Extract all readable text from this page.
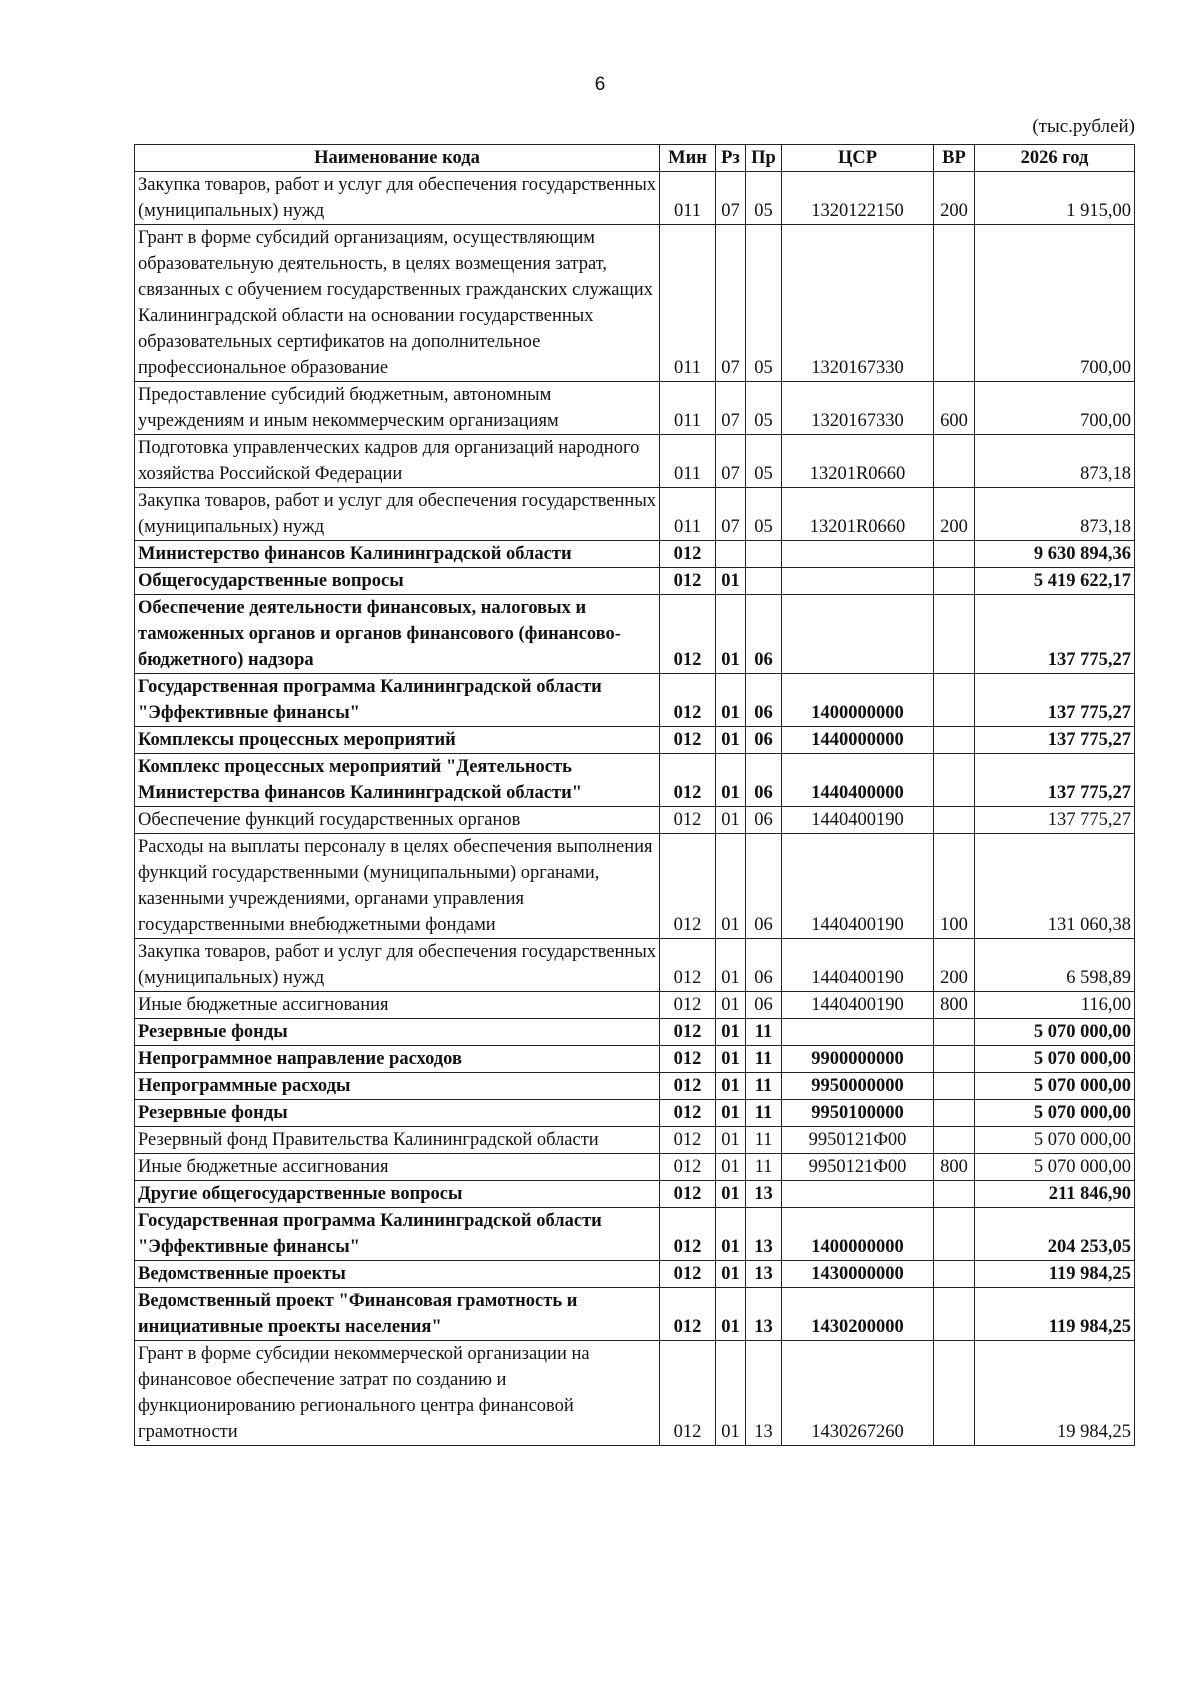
6
(тыс.рублей)
Наименование кода	Мин	Рз	Пр	ЦСР	ВР	2026 год
Закупка товаров, работ и услуг для обеспечения государственных (муниципальных) нужд	011	07	05	1320122150	200	1 915,00
Грант в форме субсидий организациям, осуществляющим образовательную деятельность, в целях возмещения затрат, связанных с обучением государственных гражданских служащих Калининградской области на основании государственных образовательных сертификатов на дополнительное профессиональное образование	011	07	05	1320167330		700,00
Предоставление субсидий бюджетным, автономным учреждениям и иным некоммерческим организациям	011	07	05	1320167330	600	700,00
Подготовка управленческих кадров для организаций народного хозяйства Российской Федерации	011	07	05	13201R0660		873,18
Закупка товаров, работ и услуг для обеспечения государственных (муниципальных) нужд	011	07	05	13201R0660	200	873,18
Министерство финансов Калининградской области	012					9 630 894,36
Общегосударственные вопросы	012	01				5 419 622,17
Обеспечение деятельности финансовых, налоговых и таможенных органов и органов финансового (финансово-бюджетного) надзора	012	01	06			137 775,27
Государственная программа Калининградской области "Эффективные финансы"	012	01	06	1400000000		137 775,27
Комплексы процессных мероприятий	012	01	06	1440000000		137 775,27
Комплекс процессных мероприятий "Деятельность Министерства финансов Калининградской области"	012	01	06	1440400000		137 775,27
Обеспечение функций государственных органов	012	01	06	1440400190		137 775,27
Расходы на выплаты персоналу в целях обеспечения выполнения функций государственными (муниципальными) органами, казенными учреждениями, органами управления государственными внебюджетными фондами	012	01	06	1440400190	100	131 060,38
Закупка товаров, работ и услуг для обеспечения государственных (муниципальных) нужд	012	01	06	1440400190	200	6 598,89
Иные бюджетные ассигнования	012	01	06	1440400190	800	116,00
Резервные фонды	012	01	11			5 070 000,00
Непрограммное направление расходов	012	01	11	9900000000		5 070 000,00
Непрограммные расходы	012	01	11	9950000000		5 070 000,00
Резервные фонды	012	01	11	9950100000		5 070 000,00
Резервный фонд Правительства Калининградской области	012	01	11	9950121Ф00		5 070 000,00
Иные бюджетные ассигнования	012	01	11	9950121Ф00	800	5 070 000,00
Другие общегосударственные вопросы	012	01	13			211 846,90
Государственная программа Калининградской области "Эффективные финансы"	012	01	13	1400000000		204 253,05
Ведомственные проекты	012	01	13	1430000000		119 984,25
Ведомственный проект "Финансовая грамотность и инициативные проекты населения"	012	01	13	1430200000		119 984,25
Грант в форме субсидии некоммерческой организации на финансовое обеспечение затрат по созданию и функционированию регионального центра финансовой грамотности	012	01	13	1430267260		19 984,25
